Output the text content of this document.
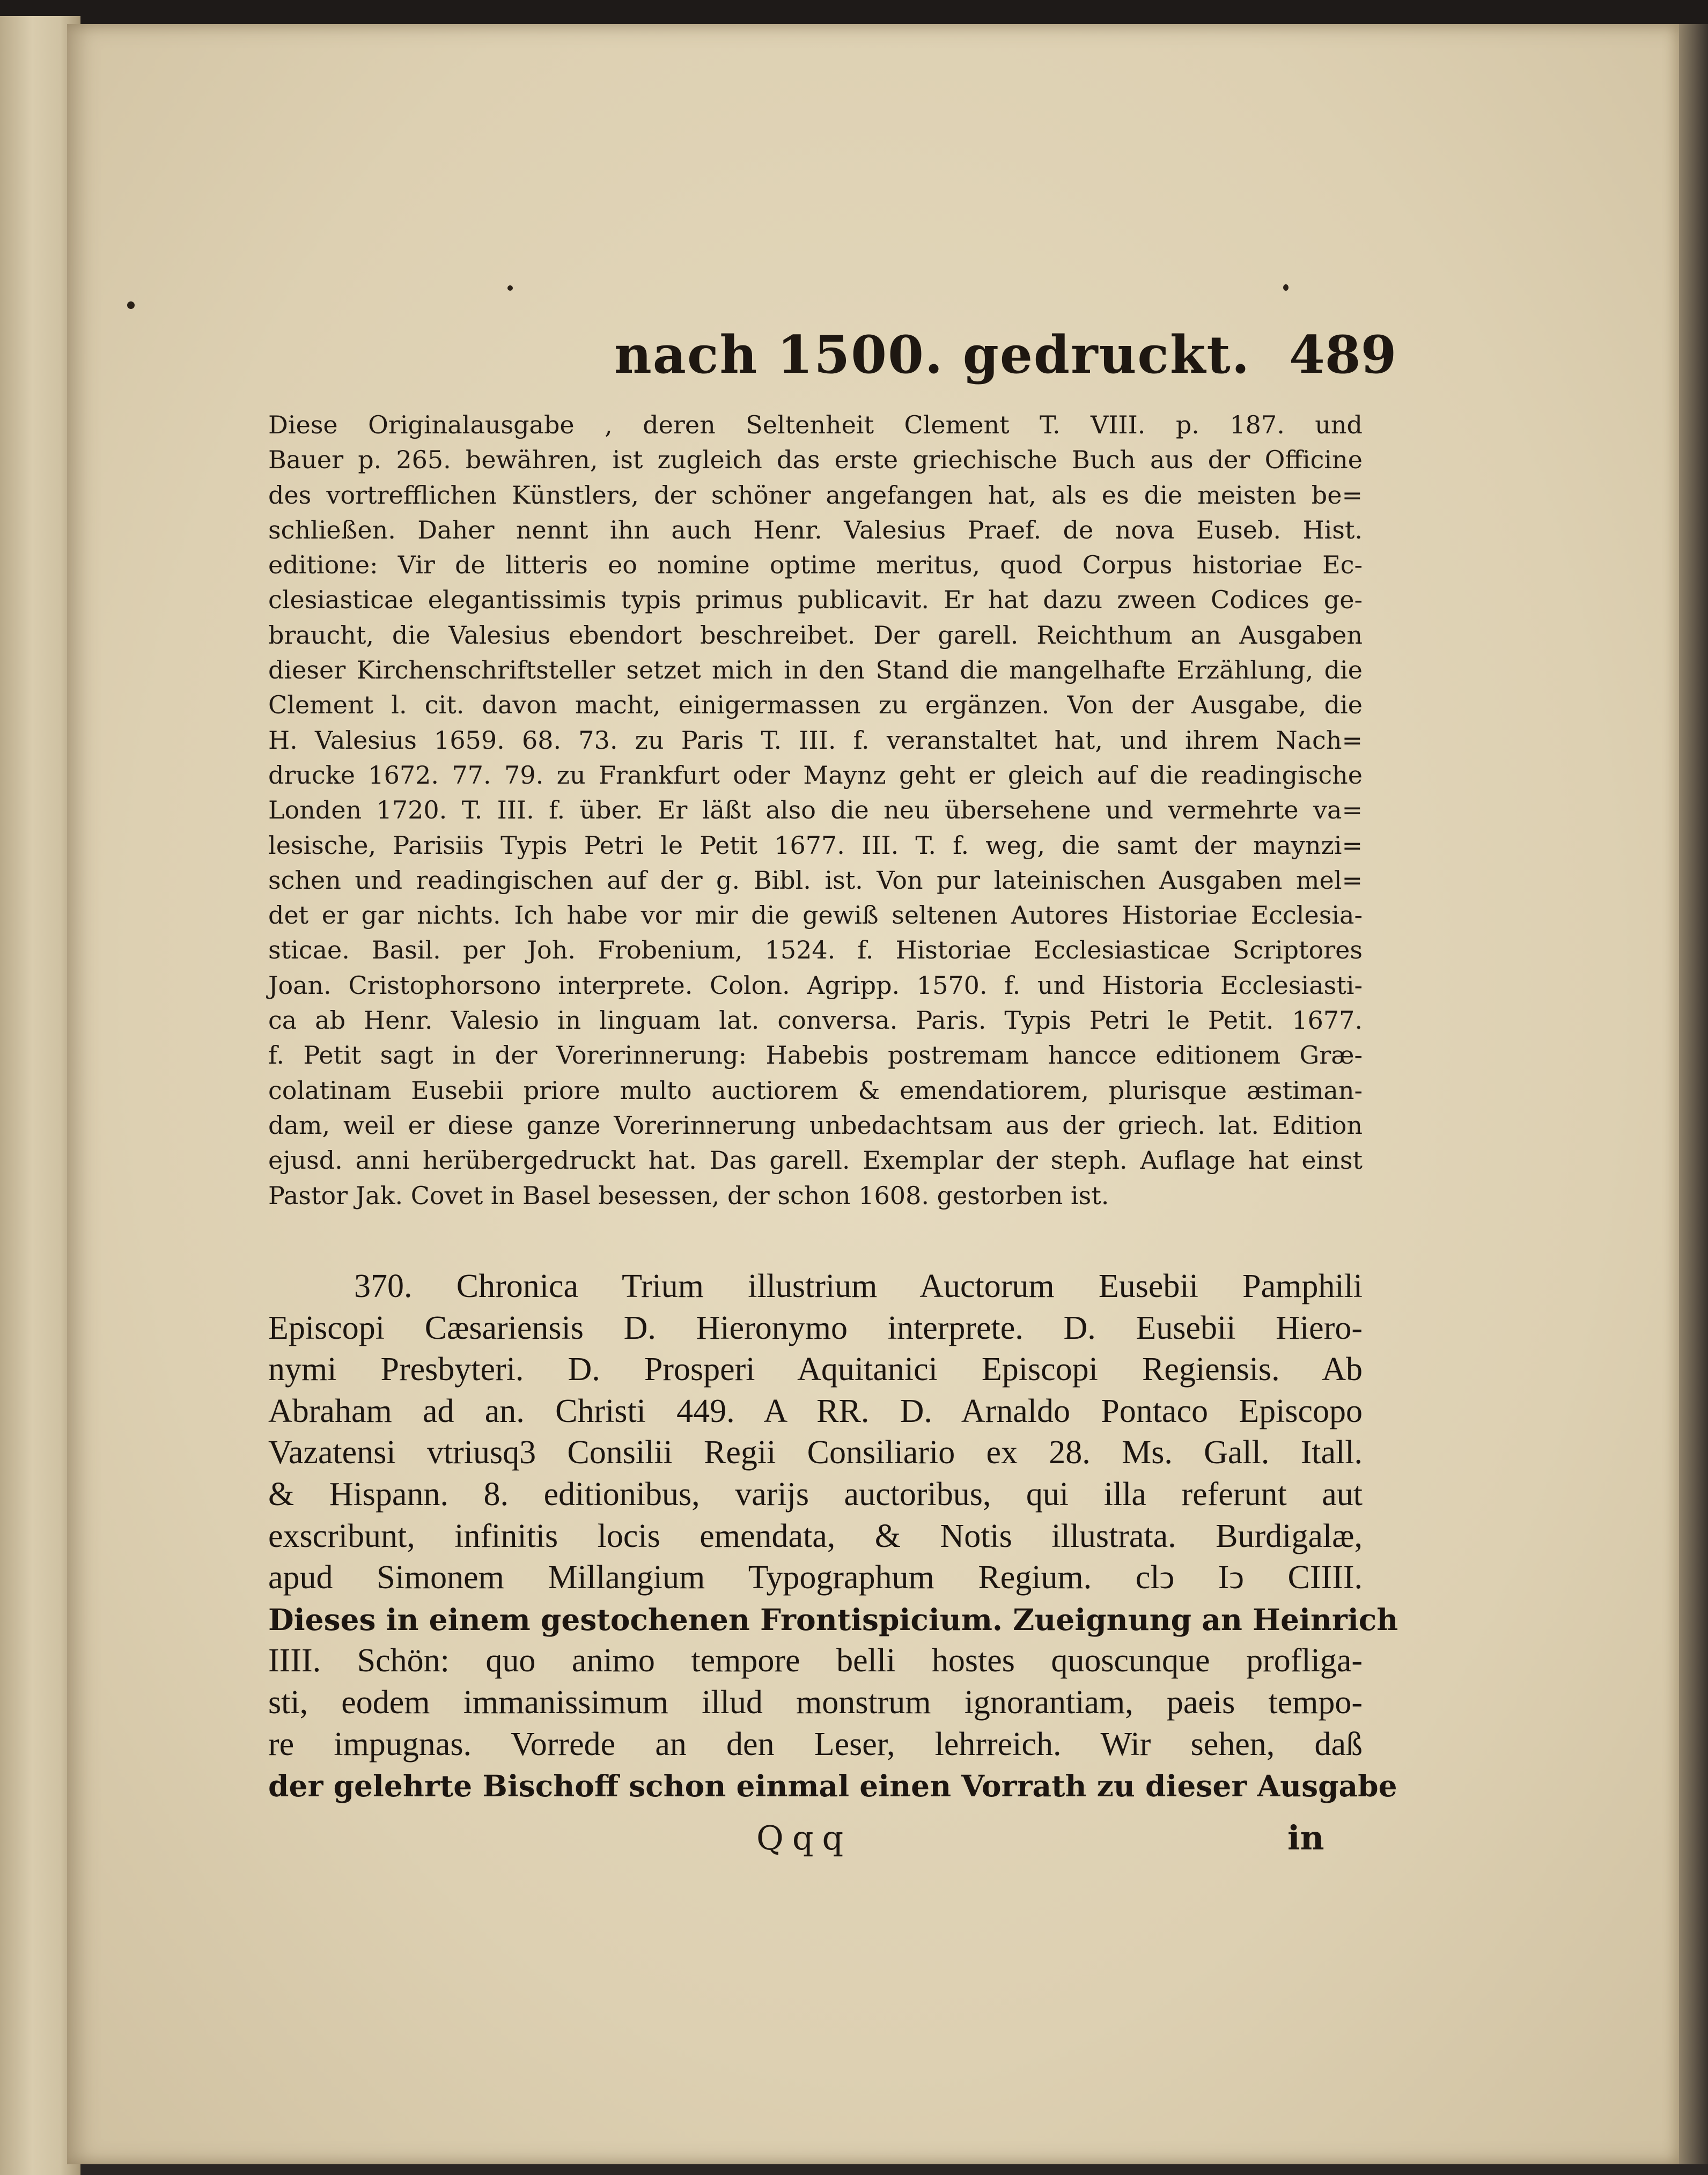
nach 1500. gedruckt. 489
Diese Originalausgabe , deren Seltenheit Clement T. VIII. p. 187. und
Bauer p. 265. bewähren, ist zugleich das erste griechische Buch aus der Officine
des vortrefflichen Künstlers, der schöner angefangen hat, als es die meisten be=
schließen. Daher nennt ihn auch Henr. Valesius Praef. de nova Euseb. Hist.
editione: Vir de litteris eo nomine optime meritus, quod Corpus historiae Ec-
clesiasticae elegantissimis typis primus publicavit. Er hat dazu zween Codices ge-
braucht, die Valesius ebendort beschreibet. Der garell. Reichthum an Ausgaben
dieser Kirchenschriftsteller setzet mich in den Stand die mangelhafte Erzählung, die
Clement l. cit. davon macht, einigermassen zu ergänzen. Von der Ausgabe, die
H. Valesius 1659. 68. 73. zu Paris T. III. f. veranstaltet hat, und ihrem Nach=
drucke 1672. 77. 79. zu Frankfurt oder Maynz geht er gleich auf die readingische
Londen 1720. T. III. f. über. Er läßt also die neu übersehene und vermehrte va=
lesische, Parisiis Typis Petri le Petit 1677. III. T. f. weg, die samt der maynzi=
schen und readingischen auf der g. Bibl. ist. Von pur lateinischen Ausgaben mel=
det er gar nichts. Ich habe vor mir die gewiß seltenen Autores Historiae Ecclesia-
sticae. Basil. per Joh. Frobenium, 1524. f. Historiae Ecclesiasticae Scriptores
Joan. Cristophorsono interprete. Colon. Agripp. 1570. f. und Historia Ecclesiasti-
ca ab Henr. Valesio in linguam lat. conversa. Paris. Typis Petri le Petit. 1677.
f. Petit sagt in der Vorerinnerung: Habebis postremam hancce editionem Græ-
colatinam Eusebii priore multo auctiorem & emendatiorem, plurisque æstiman-
dam, weil er diese ganze Vorerinnerung unbedachtsam aus der griech. lat. Edition
ejusd. anni herübergedruckt hat. Das garell. Exemplar der steph. Auflage hat einst
Pastor Jak. Covet in Basel besessen, der schon 1608. gestorben ist.
370. Chronica Trium illustrium Auctorum Eusebii Pamphili
Episcopi Cæsariensis D. Hieronymo interprete. D. Eusebii Hiero-
nymi Presbyteri. D. Prosperi Aquitanici Episcopi Regiensis. Ab
Abraham ad an. Christi 449. A RR. D. Arnaldo Pontaco Episcopo
Vazatensi vtriusq3 Consilii Regii Consiliario ex 28. Ms. Gall. Itall.
& Hispann. 8. editionibus, varijs auctoribus, qui illa referunt aut
exscribunt, infinitis locis emendata, & Notis illustrata. Burdigalæ,
apud Simonem Millangium Typographum Regium. clↄ Iↄ CIIII.
Dieses in einem gestochenen Frontispicium. Zueignung an Heinrich
IIII. Schön: quo animo tempore belli hostes quoscunque profliga-
sti, eodem immanissimum illud monstrum ignorantiam, paeis tempo-
re impugnas. Vorrede an den Leser, lehrreich. Wir sehen, daß
der gelehrte Bischoff schon einmal einen Vorrath zu dieser Ausgabe
Qqq	in
